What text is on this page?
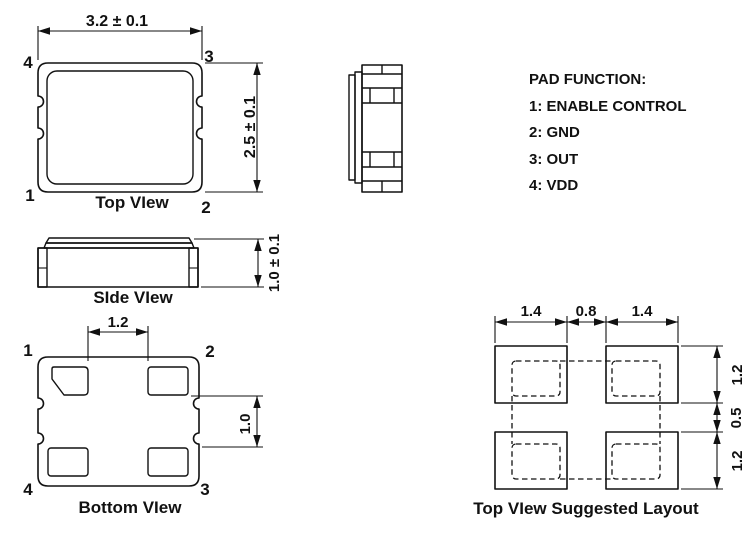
3.2 ± 0.1
4	3
1
2
2.5 ± 0.1
Top VIew
1.0 ± 0.1
SIde VIew
PAD FUNCTION:
1: ENABLE CONTROL
2: GND
3: OUT
4: VDD
1.2
1	2
4	3
1.0
Bottom VIew
1.4 0.8 1.4
1.2
0.5
1.2
Top VIew Suggested Layout
